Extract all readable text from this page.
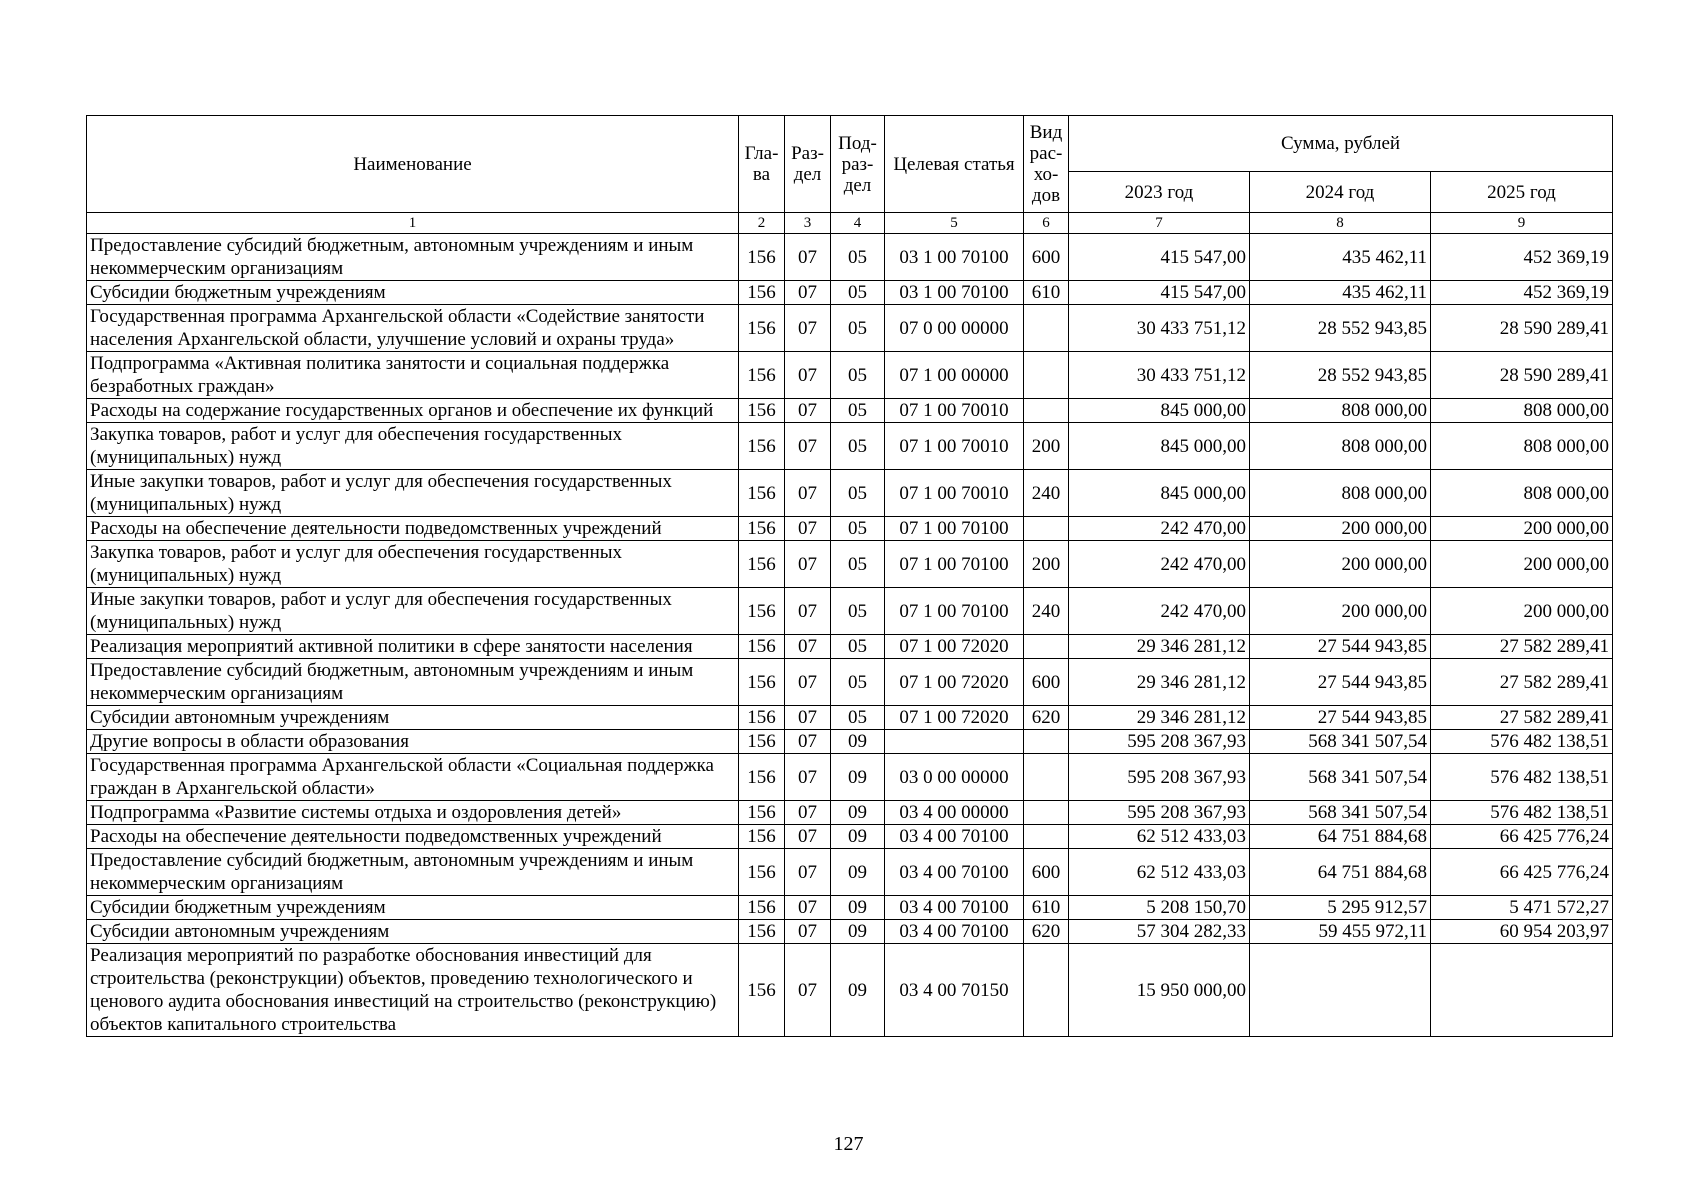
Наименование	Гла-ва	Раз-дел	Под-раз-дел	Целевая статья	Вид рас-хо-дов	Сумма, рублей		
						2023 год	2024 год	2025 год
1	2	3	4	5	6	7	8	9
Предоставление субсидий бюджетным, автономным учреждениям и иным некоммерческим организациям	156	07	05	03 1 00 70100	600	415 547,00	435 462,11	452 369,19
Субсидии бюджетным учреждениям	156	07	05	03 1 00 70100	610	415 547,00	435 462,11	452 369,19
Государственная программа Архангельской области «Содействие занятости населения Архангельской области, улучшение условий и охраны труда»	156	07	05	07 0 00 00000		30 433 751,12	28 552 943,85	28 590 289,41
Подпрограмма «Активная политика занятости и социальная поддержка безработных граждан»	156	07	05	07 1 00 00000		30 433 751,12	28 552 943,85	28 590 289,41
Расходы на содержание государственных органов и обеспечение их функций	156	07	05	07 1 00 70010		845 000,00	808 000,00	808 000,00
Закупка товаров, работ и услуг для обеспечения государственных (муниципальных) нужд	156	07	05	07 1 00 70010	200	845 000,00	808 000,00	808 000,00
Иные закупки товаров, работ и услуг для обеспечения государственных (муниципальных) нужд	156	07	05	07 1 00 70010	240	845 000,00	808 000,00	808 000,00
Расходы на обеспечение деятельности подведомственных учреждений	156	07	05	07 1 00 70100		242 470,00	200 000,00	200 000,00
Закупка товаров, работ и услуг для обеспечения государственных (муниципальных) нужд	156	07	05	07 1 00 70100	200	242 470,00	200 000,00	200 000,00
Иные закупки товаров, работ и услуг для обеспечения государственных (муниципальных) нужд	156	07	05	07 1 00 70100	240	242 470,00	200 000,00	200 000,00
Реализация мероприятий активной политики в сфере занятости населения	156	07	05	07 1 00 72020		29 346 281,12	27 544 943,85	27 582 289,41
Предоставление субсидий бюджетным, автономным учреждениям и иным некоммерческим организациям	156	07	05	07 1 00 72020	600	29 346 281,12	27 544 943,85	27 582 289,41
Субсидии автономным учреждениям	156	07	05	07 1 00 72020	620	29 346 281,12	27 544 943,85	27 582 289,41
Другие вопросы в области образования	156	07	09			595 208 367,93	568 341 507,54	576 482 138,51
Государственная программа Архангельской области «Социальная поддержка граждан в Архангельской области»	156	07	09	03 0 00 00000		595 208 367,93	568 341 507,54	576 482 138,51
Подпрограмма «Развитие системы отдыха и оздоровления детей»	156	07	09	03 4 00 00000		595 208 367,93	568 341 507,54	576 482 138,51
Расходы на обеспечение деятельности подведомственных учреждений	156	07	09	03 4 00 70100		62 512 433,03	64 751 884,68	66 425 776,24
Предоставление субсидий бюджетным, автономным учреждениям и иным некоммерческим организациям	156	07	09	03 4 00 70100	600	62 512 433,03	64 751 884,68	66 425 776,24
Субсидии бюджетным учреждениям	156	07	09	03 4 00 70100	610	5 208 150,70	5 295 912,57	5 471 572,27
Субсидии автономным учреждениям	156	07	09	03 4 00 70100	620	57 304 282,33	59 455 972,11	60 954 203,97
Реализация мероприятий по разработке обоснования инвестиций для строительства (реконструкции) объектов, проведению технологического и ценового аудита обоснования инвестиций на строительство (реконструкцию) объектов капитального строительства	156	07	09	03 4 00 70150		15 950 000,00		
127
